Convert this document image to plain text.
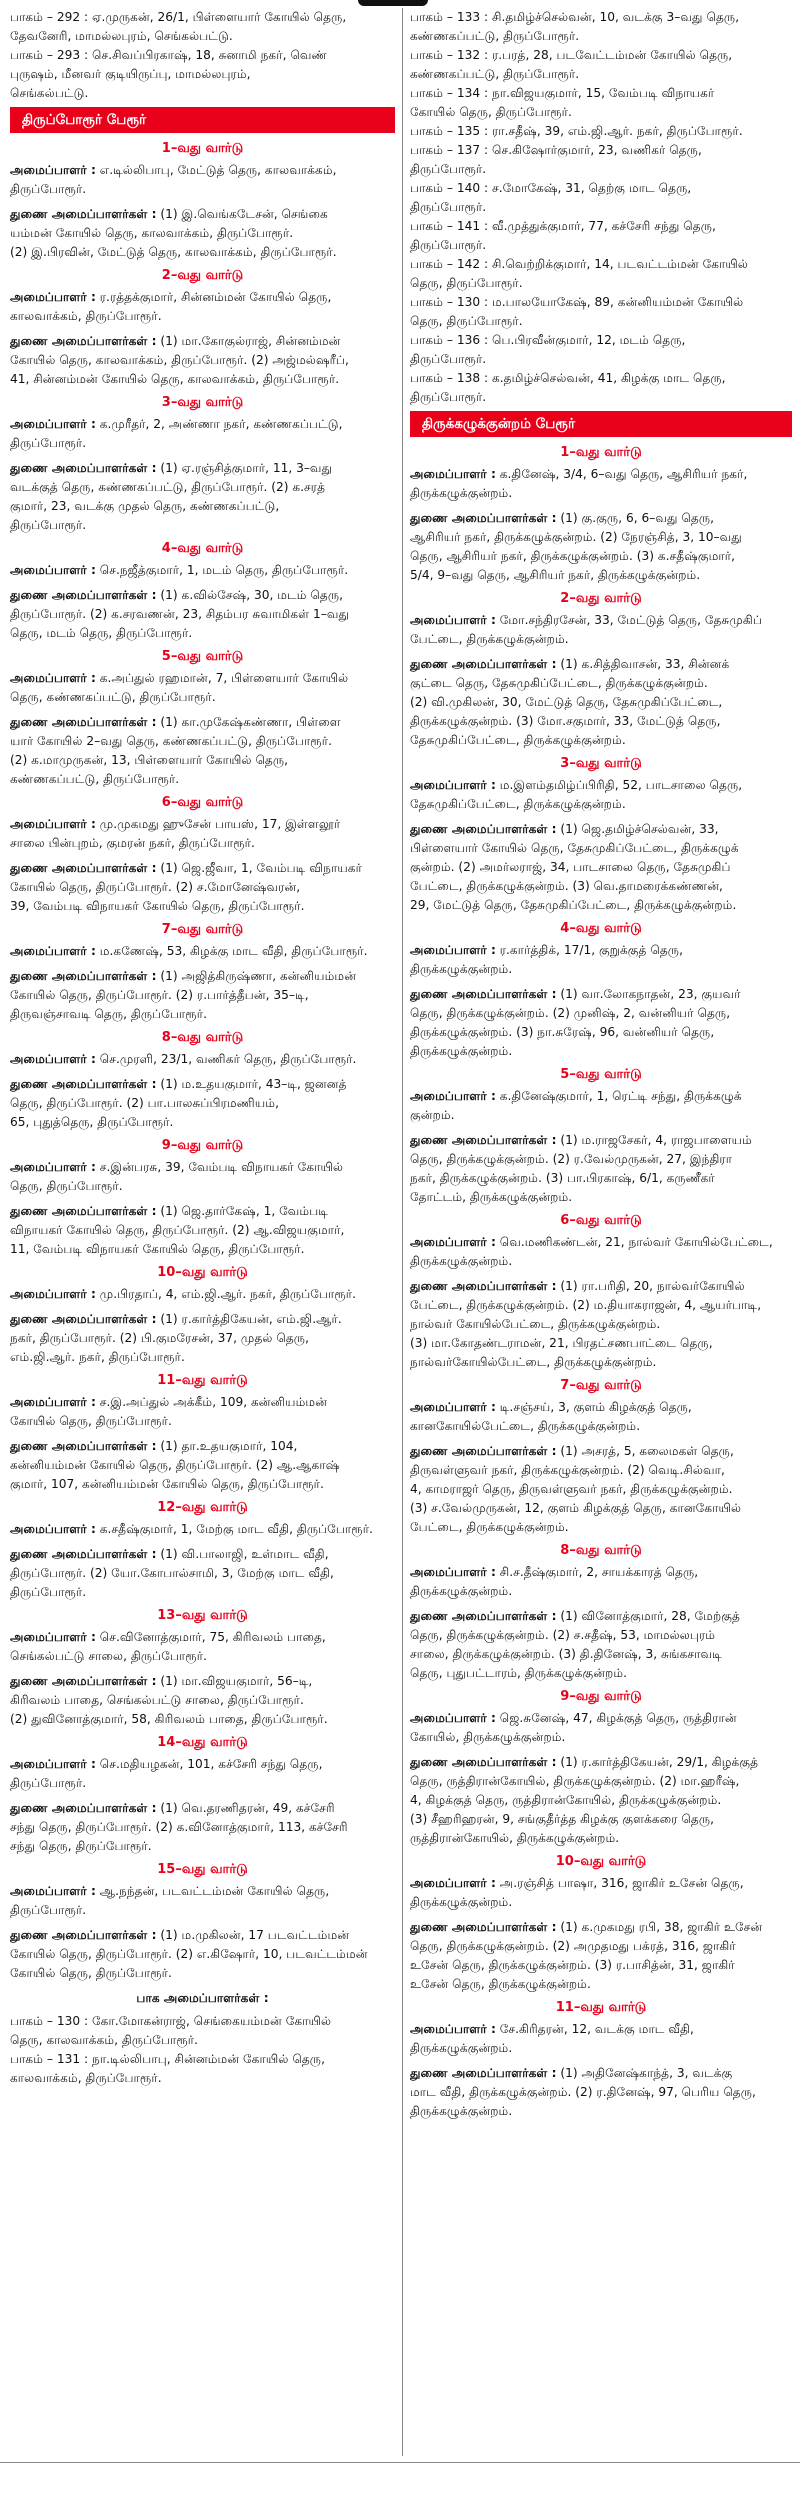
பாகம் – 292 : ஏ.முருகன், 26/1, பிள்ளையார் கோயில் தெரு,
தேவனேரி, மாமல்லபுரம், செங்கல்பட்டு.
பாகம் – 293 : செ.சிவப்பிரகாஷ், 18, சுனாமி நகர், வெண்
புருஷம், மீனவர் குடியிருப்பு, மாமல்லபுரம்,
செங்கல்பட்டு.
திருப்போரூர் பேரூர்
1–வது வார்டு
அமைப்பாளர் : எ.டில்லிபாபு, மேட்டுத் தெரு, காலவாக்கம்,
திருப்போரூர்.
துணை அமைப்பாளர்கள் : (1) இ.வெங்கடேசன், செங்கை
யம்மன் கோயில் தெரு, காலவாக்கம், திருப்போரூர்.
(2) இ.பிரவின், மேட்டுத் தெரு, காலவாக்கம், திருப்போரூர்.
2–வது வார்டு
அமைப்பாளர் : ர.ரத்தக்குமார், சின்னம்மன் கோயில் தெரு,
காலவாக்கம், திருப்போரூர்.
துணை அமைப்பாளர்கள் : (1) மா.கோகுல்ராஜ், சின்னம்மன்
கோயில் தெரு, காலவாக்கம், திருப்போரூர். (2) அஜ்மல்ஷரீப்,
41, சின்னம்மன் கோயில் தெரு, காலவாக்கம், திருப்போரூர்.
3–வது வார்டு
அமைப்பாளர் : க.முரீதர், 2, அண்ணா நகர், கண்ணகப்பட்டு,
திருப்போரூர்.
துணை அமைப்பாளர்கள் : (1) ஏ.ரஞ்சித்குமார், 11, 3–வது
வடக்குத் தெரு, கண்ணகப்பட்டு, திருப்போரூர். (2) க.சரத்
குமார், 23, வடக்கு முதல் தெரு, கண்ணகப்பட்டு,
திருப்போரூர்.
4–வது வார்டு
அமைப்பாளர் : செ.நஜீத்குமார், 1, மடம் தெரு, திருப்போரூர்.
துணை அமைப்பாளர்கள் : (1) க.வில்சேஷ், 30, மடம் தெரு,
திருப்போரூர். (2) க.சரவணன், 23, சிதம்பர சுவாமிகள் 1–வது
தெரு, மடம் தெரு, திருப்போரூர்.
5–வது வார்டு
அமைப்பாளர் : க.அப்துல் ரஹமான், 7, பிள்ளையார் கோயில்
தெரு, கண்ணகப்பட்டு, திருப்போரூர்.
துணை அமைப்பாளர்கள் : (1) கா.முகேஷ்கண்ணா, பிள்ளை
யார் கோயில் 2–வது தெரு, கண்ணகப்பட்டு, திருப்போரூர்.
(2) க.மாமுருகன், 13, பிள்ளையார் கோயில் தெரு,
கண்ணகப்பட்டு, திருப்போரூர்.
6–வது வார்டு
அமைப்பாளர் : மு.முகமது ஹுசேன் பாயஸ், 17, இள்ளலூர்
சாலை பின்புறம், குமரன் நகர், திருப்போரூர்.
துணை அமைப்பாளர்கள் : (1) ஜெ.ஜீவா, 1, வேம்படி விநாயகர்
கோயில் தெரு, திருப்போரூர். (2) ச.மோனேஷ்வரன்,
39, வேம்படி விநாயகர் கோயில் தெரு, திருப்போரூர்.
7–வது வார்டு
அமைப்பாளர் : ம.கணேஷ், 53, கிழக்கு மாட வீதி, திருப்போரூர்.
துணை அமைப்பாளர்கள் : (1) அஜித்கிருஷ்ணா, கன்னியம்மன்
கோயில் தெரு, திருப்போரூர். (2) ர.பார்த்தீபன், 35–டி,
திருவஞ்சாவடி தெரு, திருப்போரூர்.
8–வது வார்டு
அமைப்பாளர் : செ.முரளி, 23/1, வணிகர் தெரு, திருப்போரூர்.
துணை அமைப்பாளர்கள் : (1) ம.உதயகுமார், 43–டி, ஜனனத்
தெரு, திருப்போரூர். (2) பா.பாலசுப்பிரமணியம்,
65, புதுத்தெரு, திருப்போரூர்.
9–வது வார்டு
அமைப்பாளர் : ச.இன்பரசு, 39, வேம்படி விநாயகர் கோயில்
தெரு, திருப்போரூர்.
துணை அமைப்பாளர்கள் : (1) ஜெ.தார்கேஷ், 1, வேம்படி
விநாயகர் கோயில் தெரு, திருப்போரூர். (2) ஆ.விஜயகுமார்,
11, வேம்படி விநாயகர் கோயில் தெரு, திருப்போரூர்.
10–வது வார்டு
அமைப்பாளர் : மு.பிரதாப், 4, எம்.ஜி.ஆர். நகர், திருப்போரூர்.
துணை அமைப்பாளர்கள் : (1) ர.கார்த்திகேயன், எம்.ஜி.ஆர்.
நகர், திருப்போரூர். (2) பி.குமரேசன், 37, முதல் தெரு,
எம்.ஜி.ஆர். நகர், திருப்போரூர்.
11–வது வார்டு
அமைப்பாளர் : ச.இ.அப்துல் அக்கீம், 109, கன்னியம்மன்
கோயில் தெரு, திருப்போரூர்.
துணை அமைப்பாளர்கள் : (1) தா.உதயகுமார், 104,
கன்னியம்மன் கோயில் தெரு, திருப்போரூர். (2) ஆ.ஆகாஷ்
குமார், 107, கன்னியம்மன் கோயில் தெரு, திருப்போரூர்.
12–வது வார்டு
அமைப்பாளர் : க.சதீஷ்குமார், 1, மேற்கு மாட வீதி, திருப்போரூர்.
துணை அமைப்பாளர்கள் : (1) வி.பாலாஜி, உள்மாட வீதி,
திருப்போரூர். (2) யோ.கோபால்சாமி, 3, மேற்கு மாட வீதி,
திருப்போரூர்.
13–வது வார்டு
அமைப்பாளர் : செ.வினோத்குமார், 75, கிரிவலம் பாதை,
செங்கல்பட்டு சாலை, திருப்போரூர்.
துணை அமைப்பாளர்கள் : (1) மா.விஜயகுமார், 56–டி,
கிரிவலம் பாதை, செங்கல்பட்டு சாலை, திருப்போரூர்.
(2) துவினோத்குமார், 58, கிரிவலம் பாதை, திருப்போரூர்.
14–வது வார்டு
அமைப்பாளர் : செ.மதியழகன், 101, கச்சேரி சந்து தெரு,
திருப்போரூர்.
துணை அமைப்பாளர்கள் : (1) வெ.தரணிதரன், 49, கச்சேரி
சந்து தெரு, திருப்போரூர். (2) க.வினோத்குமார், 113, கச்சேரி
சந்து தெரு, திருப்போரூர்.
15–வது வார்டு
அமைப்பாளர் : ஆ.நந்தன், படவட்டம்மன் கோயில் தெரு,
திருப்போரூர்.
துணை அமைப்பாளர்கள் : (1) ம.முகிலன், 17 படவட்டம்மன்
கோயில் தெரு, திருப்போரூர். (2) எ.கிஷோர், 10, படவட்டம்மன்
கோயில் தெரு, திருப்போரூர்.
பாக அமைப்பாளர்கள் :
பாகம் – 130 : கோ.மோகன்ராஜ், செங்கையம்மன் கோயில்
தெரு, காலவாக்கம், திருப்போரூர்.
பாகம் – 131 : நா.டில்லிபாபு, சின்னம்மன் கோயில் தெரு,
காலவாக்கம், திருப்போரூர்.
பாகம் – 133 : சி.தமிழ்ச்செல்வன், 10, வடக்கு 3–வது தெரு,
கண்ணகப்பட்டு, திருப்போரூர்.
பாகம் – 132 : ர.பரத், 28, படவேட்டம்மன் கோயில் தெரு,
கண்ணகப்பட்டு, திருப்போரூர்.
பாகம் – 134 : நா.விஜயகுமார், 15, வேம்படி விநாயகர்
கோயில் தெரு, திருப்போரூர்.
பாகம் – 135 : ரா.சதீஷ், 39, எம்.ஜி.ஆர். நகர், திருப்போரூர்.
பாகம் – 137 : செ.கிஷோர்குமார், 23, வணிகர் தெரு,
திருப்போரூர்.
பாகம் – 140 : ச.மோகேஷ், 31, தெற்கு மாட தெரு,
திருப்போரூர்.
பாகம் – 141 : வீ.முத்துக்குமார், 77, கச்சேரி சந்து தெரு,
திருப்போரூர்.
பாகம் – 142 : சி.வெற்றிக்குமார், 14, படவட்டம்மன் கோயில்
தெரு, திருப்போரூர்.
பாகம் – 130 : ம.பாலயோகேஷ், 89, கன்னியம்மன் கோயில்
தெரு, திருப்போரூர்.
பாகம் – 136 : பெ.பிரவீன்குமார், 12, மடம் தெரு,
திருப்போரூர்.
பாகம் – 138 : க.தமிழ்ச்செல்வன், 41, கிழக்கு மாட தெரு,
திருப்போரூர்.
திருக்கழுக்குன்றம் பேரூர்
1–வது வார்டு
அமைப்பாளர் : க.தினேஷ், 3/4, 6–வது தெரு, ஆசிரியர் நகர்,
திருக்கழுக்குன்றம்.
துணை அமைப்பாளர்கள் : (1) கு.குரு, 6, 6–வது தெரு,
ஆசிரியர் நகர், திருக்கழுக்குன்றம். (2) நேரஞ்சித், 3, 10–வது
தெரு, ஆசிரியர் நகர், திருக்கழுக்குன்றம். (3) க.சதீஷ்குமார்,
5/4, 9–வது தெரு, ஆசிரியர் நகர், திருக்கழுக்குன்றம்.
2–வது வார்டு
அமைப்பாளர் : மோ.சந்திரசேன், 33, மேட்டுத் தெரு, தேசுமுகிப்
பேட்டை, திருக்கழுக்குன்றம்.
துணை அமைப்பாளர்கள் : (1) க.சித்திவாசன், 33, சின்னக்
குட்டை தெரு, தேசுமுகிப்பேட்டை, திருக்கழுக்குன்றம்.
(2) வி.முகிலன், 30, மேட்டுத் தெரு, தேசுமுகிப்பேட்டை,
திருக்கழுக்குன்றம். (3) மோ.சகுமார், 33, மேட்டுத் தெரு,
தேசுமுகிப்பேட்டை, திருக்கழுக்குன்றம்.
3–வது வார்டு
அமைப்பாளர் : ம.இளம்தமிழ்ப்பிரிதி, 52, பாடசாலை தெரு,
தேசுமுகிப்பேட்டை, திருக்கழுக்குன்றம்.
துணை அமைப்பாளர்கள் : (1) ஜெ.தமிழ்ச்செல்வன், 33,
பிள்ளையார் கோயில் தெரு, தேசுமுகிப்பேட்டை, திருக்கழுக்
குன்றம். (2) அமர்லராஜ், 34, பாடசாலை தெரு, தேசுமுகிப்
பேட்டை, திருக்கழுக்குன்றம். (3) வெ.தாமரைக்கண்ணன்,
29, மேட்டுத் தெரு, தேசுமுகிப்பேட்டை, திருக்கழுக்குன்றம்.
4–வது வார்டு
அமைப்பாளர் : ர.கார்த்திக், 17/1, குறுக்குத் தெரு,
திருக்கழுக்குன்றம்.
துணை அமைப்பாளர்கள் : (1) வா.லோகநாதன், 23, குயவர்
தெரு, திருக்கழுக்குன்றம். (2) முனிஷ், 2, வன்னியர் தெரு,
திருக்கழுக்குன்றம். (3) நா.சுரேஷ், 96, வன்னியர் தெரு,
திருக்கழுக்குன்றம்.
5–வது வார்டு
அமைப்பாளர் : க.தினேஷ்குமார், 1, ரெட்டி சந்து, திருக்கழுக்
குன்றம்.
துணை அமைப்பாளர்கள் : (1) ம.ராஜசேகர், 4, ராஜபாளையம்
தெரு, திருக்கழுக்குன்றம். (2) ர.வேல்முருகன், 27, இந்திரா
நகர், திருக்கழுக்குன்றம். (3) பா.பிரகாஷ், 6/1, கருணீகர்
தோட்டம், திருக்கழுக்குன்றம்.
6–வது வார்டு
அமைப்பாளர் : வெ.மணிகண்டன், 21, நால்வர் கோயில்பேட்டை,
திருக்கழுக்குன்றம்.
துணை அமைப்பாளர்கள் : (1) ரா.பரிதி, 20, நால்வர்கோயில்
பேட்டை, திருக்கழுக்குன்றம். (2) ம.தியாகராஜன், 4, ஆயர்பாடி,
நால்வர் கோயில்பேட்டை, திருக்கழுக்குன்றம்.
(3) மா.கோதண்டராமன், 21, பிரதட்சணபாட்டை தெரு,
நால்வர்கோயில்பேட்டை, திருக்கழுக்குன்றம்.
7–வது வார்டு
அமைப்பாளர் : டி.சஞ்சய், 3, குளம் கிழக்குத் தெரு,
கானகோயில்பேட்டை, திருக்கழுக்குன்றம்.
துணை அமைப்பாளர்கள் : (1) அசரத், 5, கலைமகள் தெரு,
திருவள்ளுவர் நகர், திருக்கழுக்குன்றம். (2) வெடி.சில்வா,
4, காமராஜர் தெரு, திருவள்ளுவர் நகர், திருக்கழுக்குன்றம்.
(3) ச.வேல்முருகன், 12, குளம் கிழக்குத் தெரு, கானகோயில்
பேட்டை, திருக்கழுக்குன்றம்.
8–வது வார்டு
அமைப்பாளர் : சி.ச.தீஷ்குமார், 2, சாயக்காரத் தெரு,
திருக்கழுக்குன்றம்.
துணை அமைப்பாளர்கள் : (1) வினோத்குமார், 28, மேற்குத்
தெரு, திருக்கழுக்குன்றம். (2) ச.சதீஷ், 53, மாமல்லபுரம்
சாலை, திருக்கழுக்குன்றம். (3) தி.தினேஷ், 3, சுங்கசாவடி
தெரு, புதுபட்டாரம், திருக்கழுக்குன்றம்.
9–வது வார்டு
அமைப்பாளர் : ஜெ.சுனேஷ், 47, கிழக்குத் தெரு, ருத்திரான்
கோயில், திருக்கழுக்குன்றம்.
துணை அமைப்பாளர்கள் : (1) ர.கார்த்திகேயன், 29/1, கிழக்குத்
தெரு, ருத்திரான்கோயில், திருக்கழுக்குன்றம். (2) மா.ஹரீஷ்,
4, கிழக்குத் தெரு, ருத்திரான்கோயில், திருக்கழுக்குன்றம்.
(3) சீஹரிஹரன், 9, சங்குதீர்த்த கிழக்கு குளக்கரை தெரு,
ருத்திரான்கோயில், திருக்கழுக்குன்றம்.
10–வது வார்டு
அமைப்பாளர் : அ.ரஞ்சித் பாஷா, 316, ஜாகிர் உசேன் தெரு,
திருக்கழுக்குன்றம்.
துணை அமைப்பாளர்கள் : (1) க.முகமது ரபி, 38, ஜாகிர் உசேன்
தெரு, திருக்கழுக்குன்றம். (2) அமுதமது பக்ரத், 316, ஜாகிர்
உசேன் தெரு, திருக்கழுக்குன்றம். (3) ர.பாசித்ன், 31, ஜாகிர்
உசேன் தெரு, திருக்கழுக்குன்றம்.
11–வது வார்டு
அமைப்பாளர் : சே.கிரிதரன், 12, வடக்கு மாட வீதி,
திருக்கழுக்குன்றம்.
துணை அமைப்பாளர்கள் : (1) அதினேஷ்காந்த், 3, வடக்கு
மாட வீதி, திருக்கழுக்குன்றம். (2) ர.தினேஷ், 97, பெரிய தெரு,
திருக்கழுக்குன்றம்.
